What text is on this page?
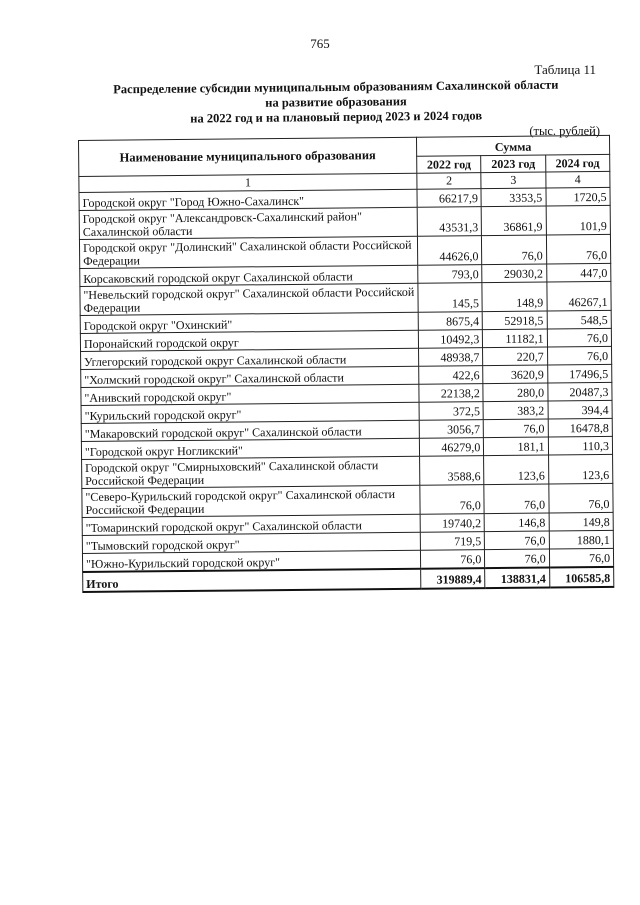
765
Таблица 11
Распределение субсидии муниципальным образованиям Сахалинской области
на развитие образования
на 2022 год и на плановый период 2023 и 2024 годов
(тыс. рублей)
Наименование муниципального образования	Сумма		
	2022 год	2023 год	2024 год
1	2	3	4
Городской округ "Город Южно-Сахалинск"	66217,9	3353,5	1720,5
Городской округ "Александровск-Сахалинский район" Сахалинской области	43531,3	36861,9	101,9
Городской округ "Долинский" Сахалинской области Российской Федерации	44626,0	76,0	76,0
Корсаковский городской округ Сахалинской области	793,0	29030,2	447,0
"Невельский городской округ" Сахалинской области Российской Федерации	145,5	148,9	46267,1
Городской округ "Охинский"	8675,4	52918,5	548,5
Поронайский городской округ	10492,3	11182,1	76,0
Углегорский городской округ Сахалинской области	48938,7	220,7	76,0
"Холмский городской округ" Сахалинской области	422,6	3620,9	17496,5
"Анивский городской округ"	22138,2	280,0	20487,3
"Курильский городской округ"	372,5	383,2	394,4
"Макаровский городской округ" Сахалинской области	3056,7	76,0	16478,8
"Городской округ Ногликский"	46279,0	181,1	110,3
Городской округ "Смирныховский" Сахалинской области Российской Федерации	3588,6	123,6	123,6
"Северо-Курильский городской округ" Сахалинской области Российской Федерации	76,0	76,0	76,0
"Томаринский городской округ" Сахалинской области	19740,2	146,8	149,8
"Тымовский городской округ"	719,5	76,0	1880,1
"Южно-Курильский городской округ"	76,0	76,0	76,0
Итого	319889,4	138831,4	106585,8
